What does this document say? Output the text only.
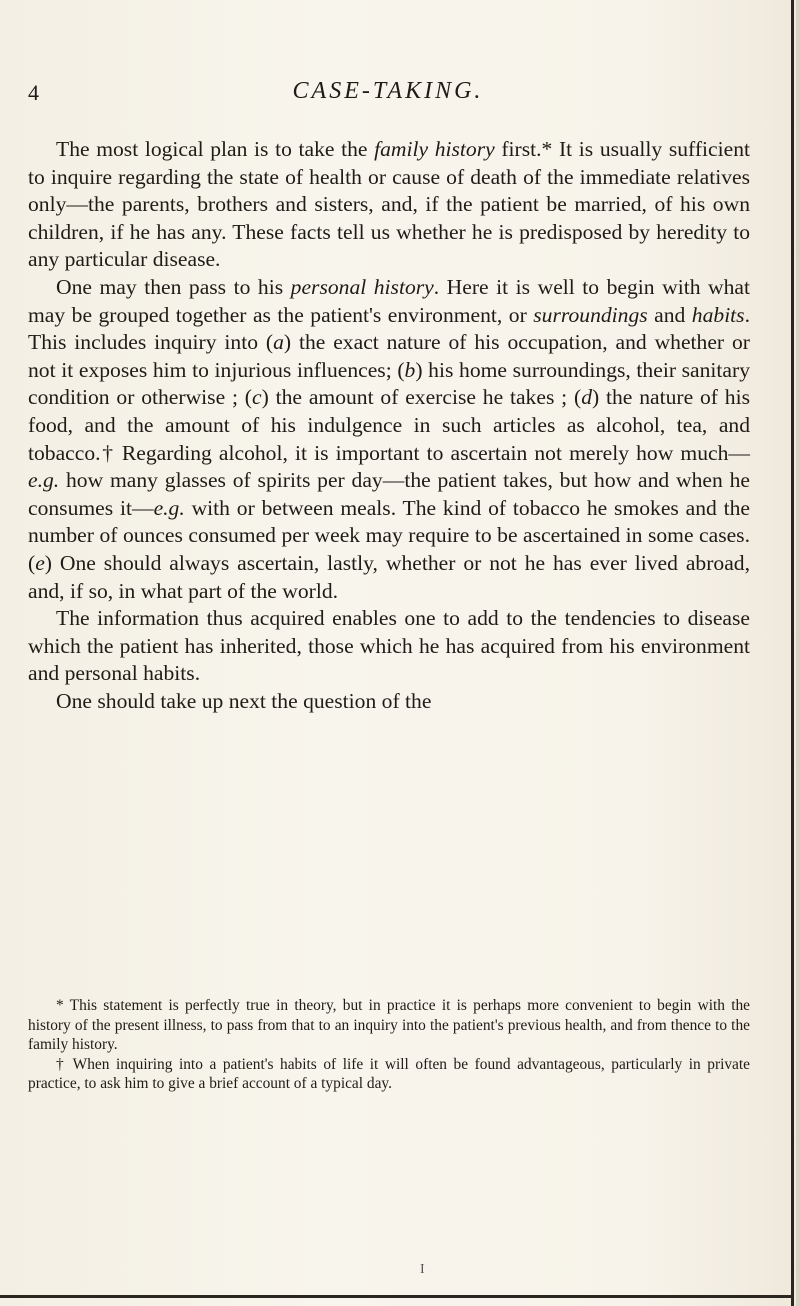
4	CASE-TAKING.

The most logical plan is to take the family history first.* It is usually sufficient to inquire regarding the state of health or cause of death of the immediate relatives only—the parents, brothers and sisters, and, if the patient be married, of his own children, if he has any. These facts tell us whether he is predisposed by heredity to any particular disease.

One may then pass to his personal history. Here it is well to begin with what may be grouped together as the patient's environment, or surroundings and habits. This includes inquiry into (a) the exact nature of his occupation, and whether or not it exposes him to injurious influences; (b) his home surroundings, their sanitary condition or otherwise ; (c) the amount of exercise he takes ; (d) the nature of his food, and the amount of his indulgence in such articles as alcohol, tea, and tobacco.† Regarding alcohol, it is important to ascertain not merely how much—e.g. how many glasses of spirits per day—the patient takes, but how and when he consumes it—e.g. with or between meals. The kind of tobacco he smokes and the number of ounces consumed per week may require to be ascertained in some cases. (e) One should always ascertain, lastly, whether or not he has ever lived abroad, and, if so, in what part of the world.

The information thus acquired enables one to add to the tendencies to disease which the patient has inherited, those which he has acquired from his environment and personal habits.

One should take up next the question of the

* This statement is perfectly true in theory, but in practice it is perhaps more convenient to begin with the history of the present illness, to pass from that to an inquiry into the patient's previous health, and from thence to the family history.

† When inquiring into a patient's habits of life it will often be found advantageous, particularly in private practice, to ask him to give a brief account of a typical day.

I
